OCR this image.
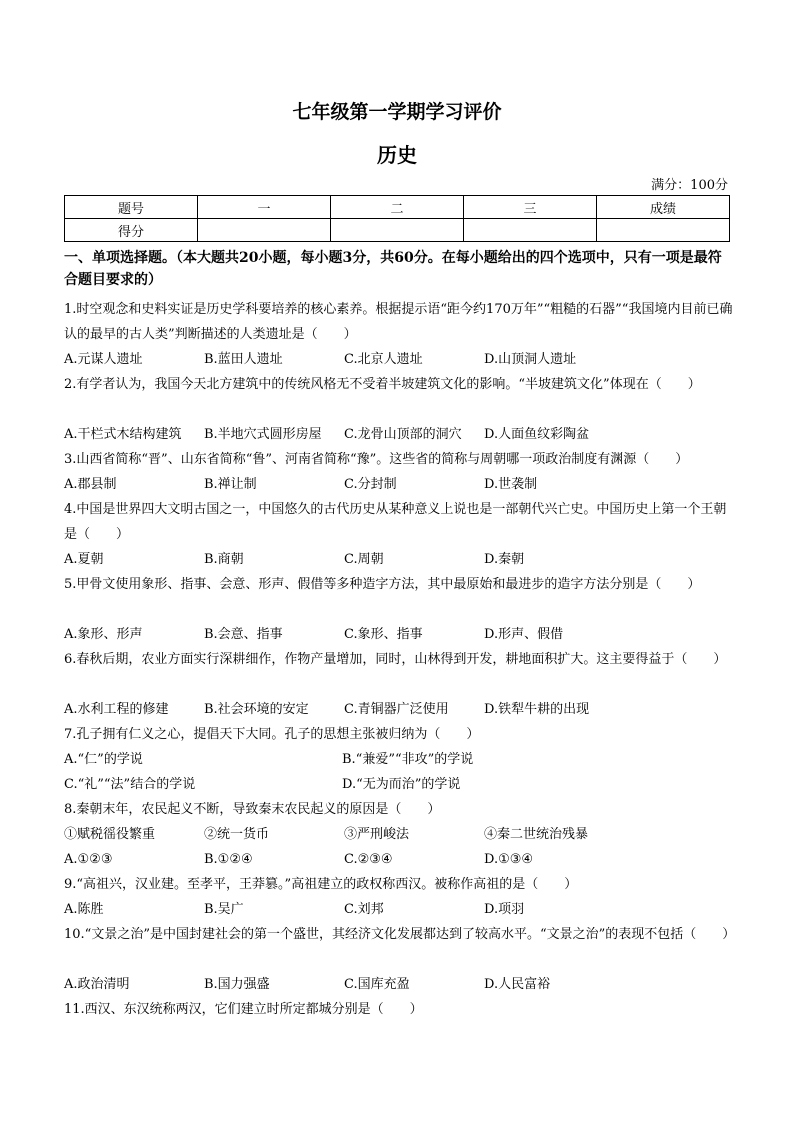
七年级第一学期学习评价
历史
满分：100分
题号	一	二	三	成绩
得分				
一、单项选择题。（本大题共20小题，每小题3分，共60分。在每小题给出的四个选项中，只有一项是最符合题目要求的）
1.时空观念和史料实证是历史学科要培养的核心素养。根据提示语“距今约170万年”“粗糙的石器”“我国境内目前已确认的最早的古人类”判断描述的人类遗址是（　　）
A.元谋人遗址	B.蓝田人遗址	C.北京人遗址	D.山顶洞人遗址
2.有学者认为，我国今天北方建筑中的传统风格无不受着半坡建筑文化的影响。“半坡建筑文化”体现在（　　）
A.干栏式木结构建筑 B.半地穴式圆形房屋 C.龙骨山顶部的洞穴 D.人面鱼纹彩陶盆
3.山西省简称“晋”、山东省简称“鲁”、河南省简称“豫”。这些省的简称与周朝哪一项政治制度有渊源（　　）
A.郡县制	B.禅让制	C.分封制	D.世袭制
4.中国是世界四大文明古国之一，中国悠久的古代历史从某种意义上说也是一部朝代兴亡史。中国历史上第一个王朝是（　　）
A.夏朝	B.商朝	C.周朝	D.秦朝
5.甲骨文使用象形、指事、会意、形声、假借等多种造字方法，其中最原始和最进步的造字方法分别是（　　）
A.象形、形声	B.会意、指事	C.象形、指事	D.形声、假借
6.春秋后期，农业方面实行深耕细作，作物产量增加，同时，山林得到开发，耕地面积扩大。这主要得益于（　　）
A.水利工程的修建	B.社会环境的安定	C.青铜器广泛使用	D.铁犁牛耕的出现
7.孔子拥有仁义之心，提倡天下大同。孔子的思想主张被归纳为（　　）
A.“仁”的学说	B.“兼爱”“非攻”的学说
C.“礼”“法”结合的学说	D.“无为而治”的学说
8.秦朝末年，农民起义不断，导致秦末农民起义的原因是（　　）
①赋税徭役繁重	②统一货币	③严刑峻法	④秦二世统治残暴
A.①②③	B.①②④	C.②③④	D.①③④
9.“高祖兴，汉业建。至孝平，王莽篡。”高祖建立的政权称西汉。被称作高祖的是（　　）
A.陈胜	B.吴广	C.刘邦	D.项羽
10.“文景之治”是中国封建社会的第一个盛世，其经济文化发展都达到了较高水平。“文景之治”的表现不包括（　　）
A.政治清明	B.国力强盛	C.国库充盈	D.人民富裕
11.西汉、东汉统称两汉，它们建立时所定都城分别是（　　）
